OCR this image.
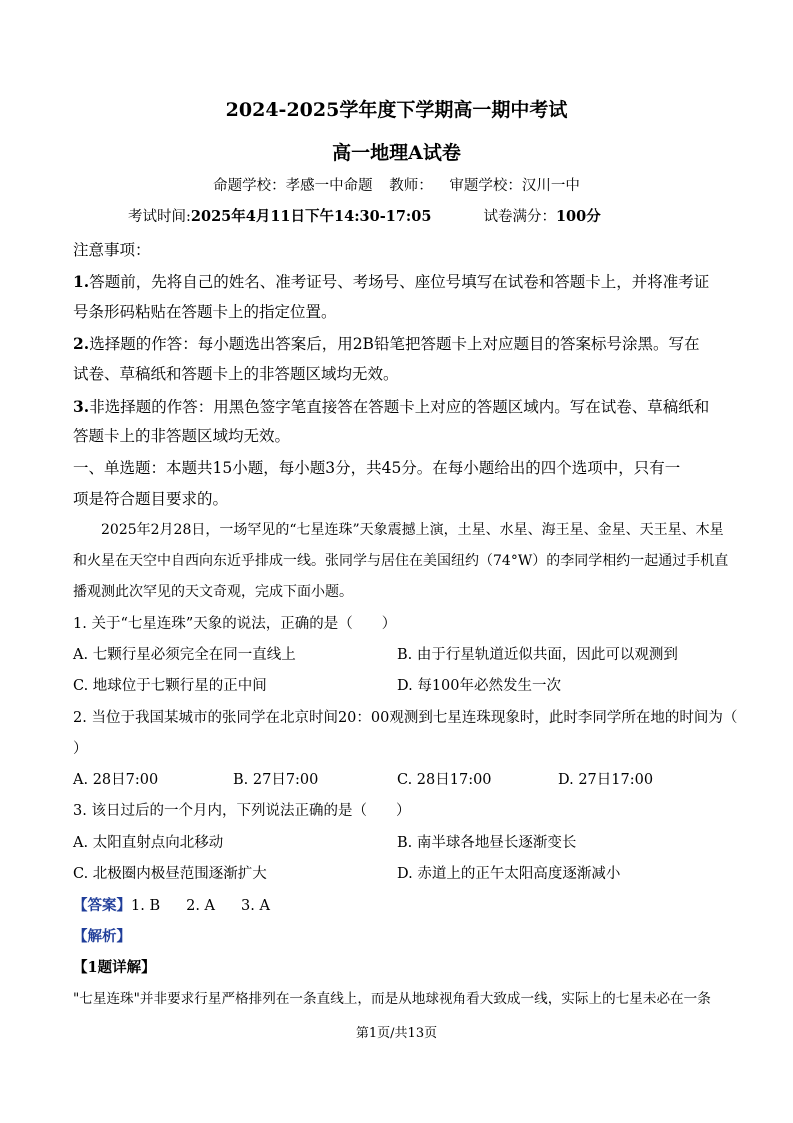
2024-2025学年度下学期高一期中考试
高一地理A试卷
命题学校：孝感一中命题 教师： 审题学校：汉川一中
考试时间:2025年4月11日下午14:30-17:05	试卷满分：100分
注意事项：
1.答题前，先将自己的姓名、准考证号、考场号、座位号填写在试卷和答题卡上，并将准考证
号条形码粘贴在答题卡上的指定位置。
2.选择题的作答：每小题选出答案后，用2B铅笔把答题卡上对应题目的答案标号涂黑。写在
试卷、草稿纸和答题卡上的非答题区域均无效。
3.非选择题的作答：用黑色签字笔直接答在答题卡上对应的答题区域内。写在试卷、草稿纸和
答题卡上的非答题区域均无效。
一、单选题：本题共15小题，每小题3分，共45分。在每小题给出的四个选项中，只有一
项是符合题目要求的。
2025年2月28日，一场罕见的“七星连珠”天象震撼上演，土星、水星、海王星、金星、天王星、木星
和火星在天空中自西向东近乎排成一线。张同学与居住在美国纽约（74°W）的李同学相约一起通过手机直
播观测此次罕见的天文奇观，完成下面小题。
1. 关于“七星连珠”天象的说法，正确的是（　　）
A. 七颗行星必须完全在同一直线上	B. 由于行星轨道近似共面，因此可以观测到
C. 地球位于七颗行星的正中间	D. 每100年必然发生一次
2. 当位于我国某城市的张同学在北京时间20：00观测到七星连珠现象时，此时李同学所在地的时间为（
）
A. 28日7:00	B. 27日7:00	C. 28日17:00	D. 27日17:00
3. 该日过后的一个月内，下列说法正确的是（　　）
A. 太阳直射点向北移动	B. 南半球各地昼长逐渐变长
C. 北极圈内极昼范围逐渐扩大	D. 赤道上的正午太阳高度逐渐减小
【答案】1. B 2. A 3. A
【解析】
【1题详解】
"七星连珠"并非要求行星严格排列在一条直线上，而是从地球视角看大致成一线，实际上的七星未必在一条
第1页/共13页
